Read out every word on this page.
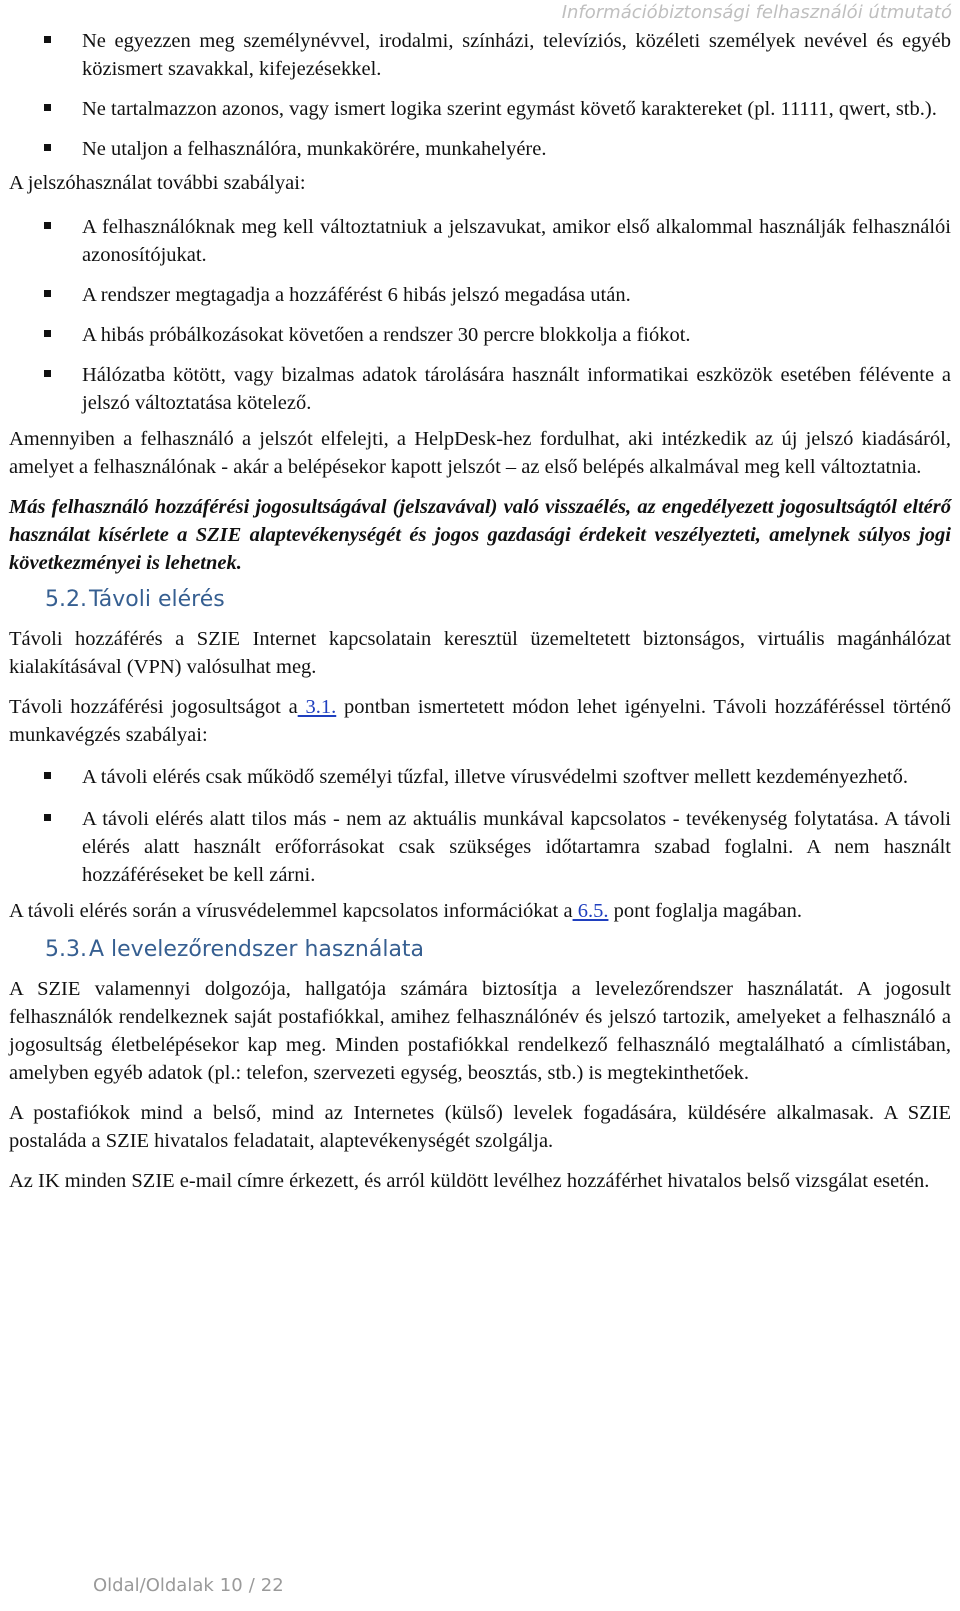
Információbiztonsági felhasználói útmutató
Ne egyezzen meg személynévvel, irodalmi, színházi, televíziós, közéleti személyek nevével és egyéb közismert szavakkal, kifejezésekkel.
Ne tartalmazzon azonos, vagy ismert logika szerint egymást követő karaktereket (pl. 11111, qwert, stb.).
Ne utaljon a felhasználóra, munkakörére, munkahelyére.

A jelszóhasználat további szabályai:

A felhasználóknak meg kell változtatniuk a jelszavukat, amikor első alkalommal használják felhasználói azonosítójukat.
A rendszer megtagadja a hozzáférést 6 hibás jelszó megadása után.
A hibás próbálkozásokat követően a rendszer 30 percre blokkolja a fiókot.
Hálózatba kötött, vagy bizalmas adatok tárolására használt informatikai eszközök esetében félévente a jelszó változtatása kötelező.

Amennyiben a felhasználó a jelszót elfelejti, a HelpDesk-hez fordulhat, aki intézkedik az új jelszó kiadásáról, amelyet a felhasználónak - akár a belépésekor kapott jelszót – az első belépés alkalmával meg kell változtatnia.

Más felhasználó hozzáférési jogosultságával (jelszavával) való visszaélés, az engedélyezett jogosultságtól eltérő használat kísérlete a SZIE alaptevékenységét és jogos gazdasági érdekeit veszélyezteti, amelynek súlyos jogi következményei is lehetnek.

5.2.Távoli elérés

Távoli hozzáférés a SZIE Internet kapcsolatain keresztül üzemeltetett biztonságos, virtuális magánhálózat kialakításával (VPN) valósulhat meg.

Távoli hozzáférési jogosultságot a 3.1. pontban ismertetett módon lehet igényelni. Távoli hozzáféréssel történő munkavégzés szabályai:

A távoli elérés csak működő személyi tűzfal, illetve vírusvédelmi szoftver mellett kezdeményezhető.
A távoli elérés alatt tilos más - nem az aktuális munkával kapcsolatos - tevékenység folytatása. A távoli elérés alatt használt erőforrásokat csak szükséges időtartamra szabad foglalni. A nem használt hozzáféréseket be kell zárni.

A távoli elérés során a vírusvédelemmel kapcsolatos információkat a 6.5. pont foglalja magában.

5.3.A levelezőrendszer használata

A SZIE valamennyi dolgozója, hallgatója számára biztosítja a levelezőrendszer használatát. A jogosult felhasználók rendelkeznek saját postafiókkal, amihez felhasználónév és jelszó tartozik, amelyeket a felhasználó a jogosultság életbelépésekor kap meg. Minden postafiókkal rendelkező felhasználó megtalálható a címlistában, amelyben egyéb adatok (pl.: telefon, szervezeti egység, beosztás, stb.) is megtekinthetőek.

A postafiókok mind a belső, mind az Internetes (külső) levelek fogadására, küldésére alkalmasak. A SZIE postaláda a SZIE hivatalos feladatait, alaptevékenységét szolgálja.

Az IK minden SZIE e-mail címre érkezett, és arról küldött levélhez hozzáférhet hivatalos belső vizsgálat esetén.

Oldal/Oldalak 10 / 22
